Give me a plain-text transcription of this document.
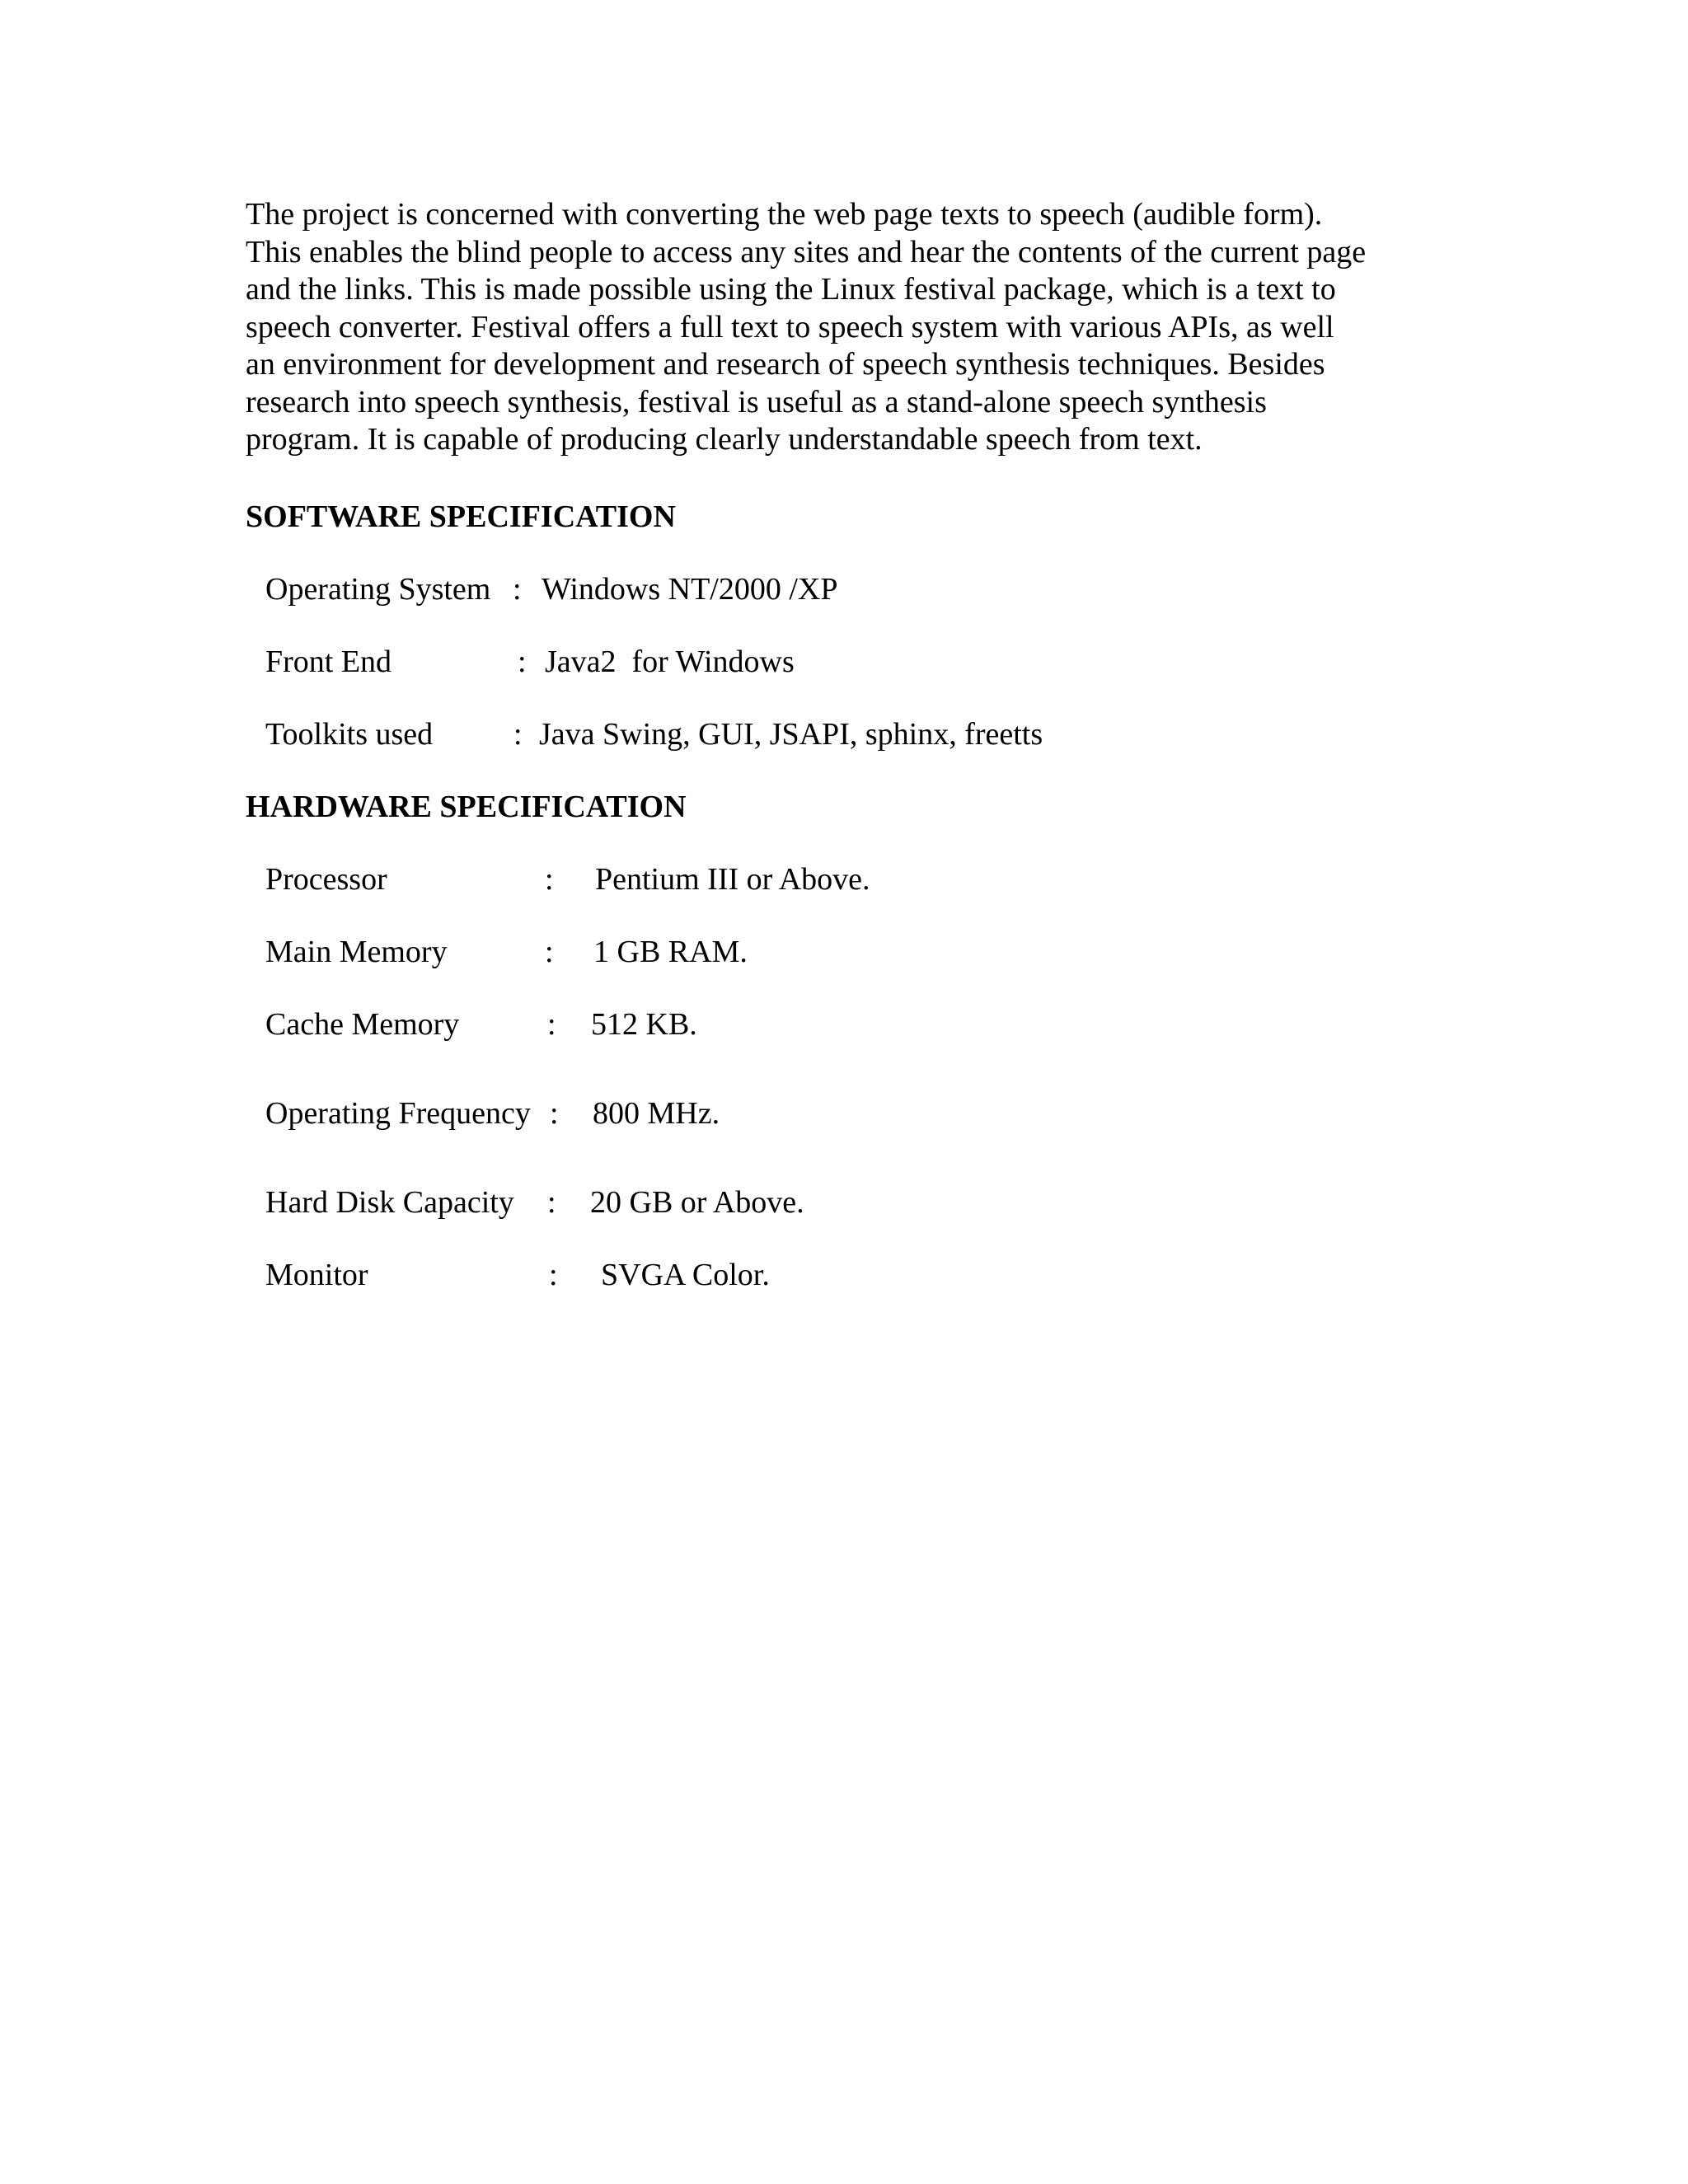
The project is concerned with converting the web page texts to speech (audible form).
This enables the blind people to access any sites and hear the contents of the current page
and the links. This is made possible using the Linux festival package, which is a text to
speech converter. Festival offers a full text to speech system with various APIs, as well
an environment for development and research of speech synthesis techniques. Besides
research into speech synthesis, festival is useful as a stand-alone speech synthesis
program. It is capable of producing clearly understandable speech from text.

SOFTWARE SPECIFICATION
Operating System : Windows NT/2000 /XP
Front End	: Java2  for Windows
Toolkits used	: Java Swing, GUI, JSAPI, sphinx, freetts
HARDWARE SPECIFICATION
Processor	: Pentium III or Above.
Main Memory	: 1 GB RAM.
Cache Memory	: 512 KB.
Operating Frequency : 800 MHz.
Hard Disk Capacity : 20 GB or Above.
Monitor	: SVGA Color.
